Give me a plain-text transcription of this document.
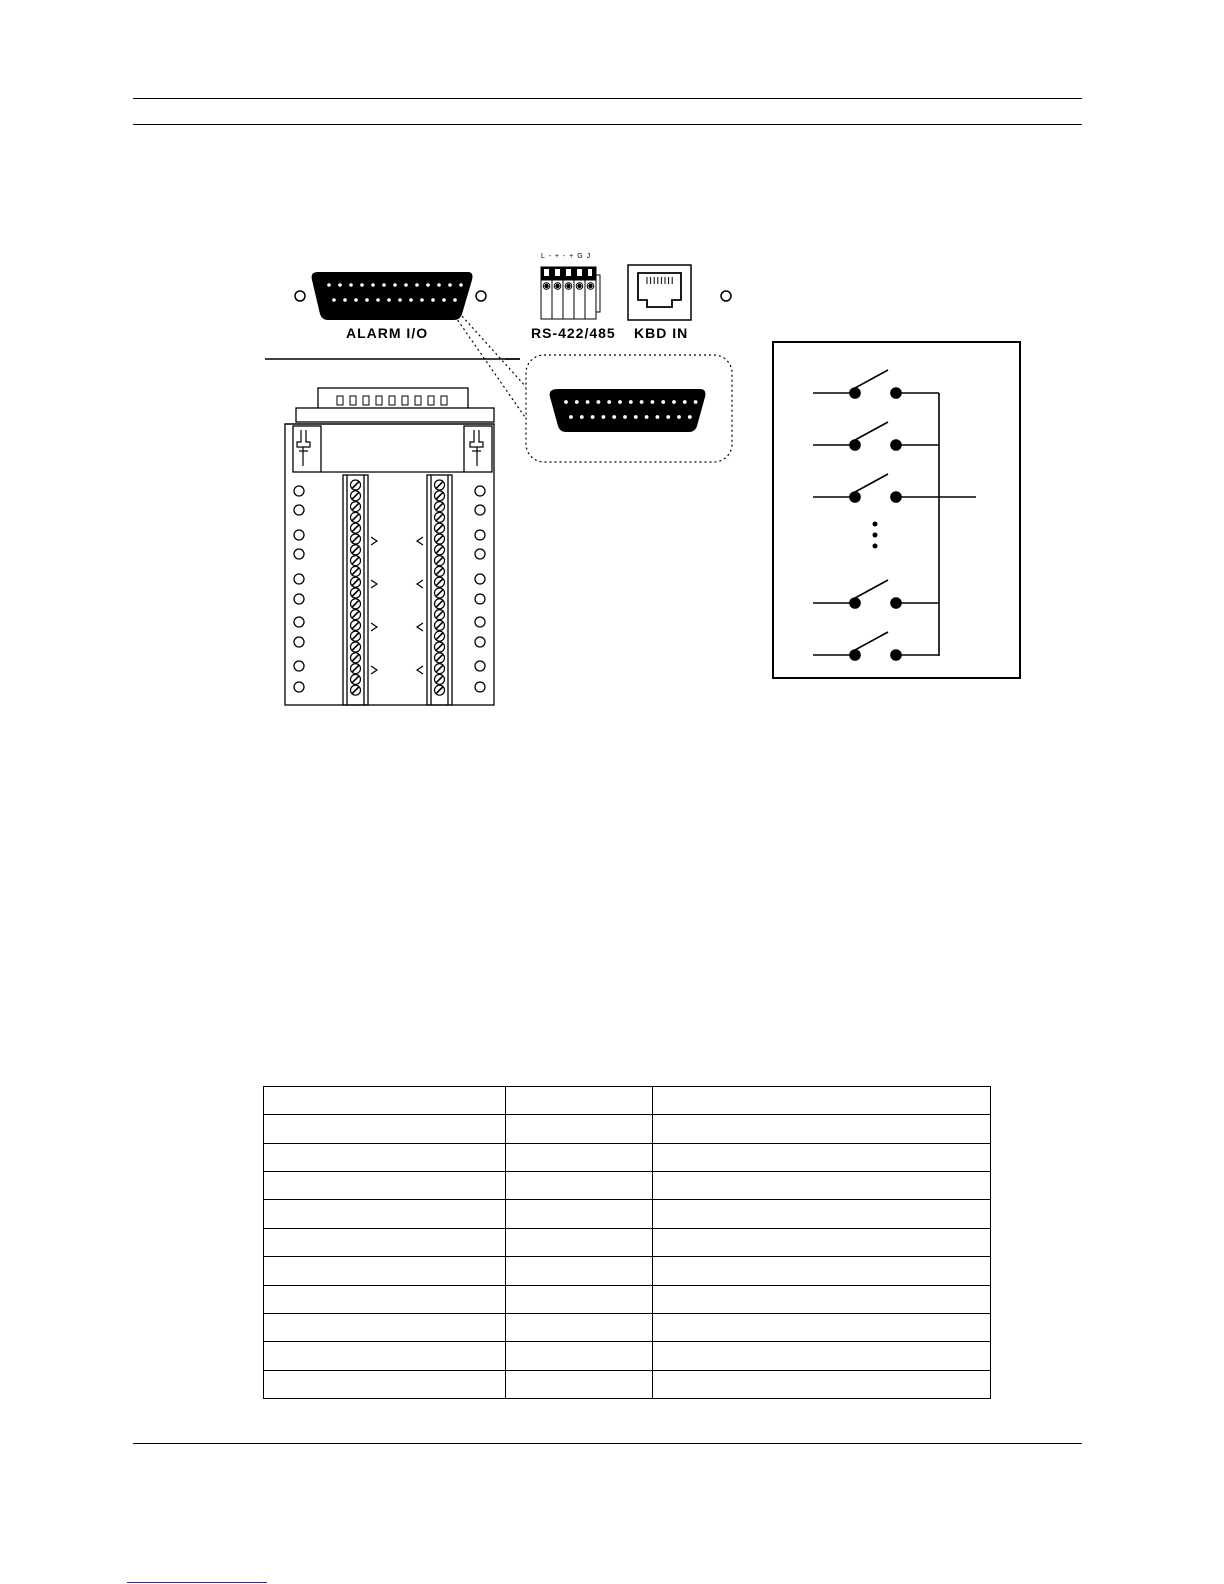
ALARM I/O	RS-422/485 KBD IN
L - + - + G J
